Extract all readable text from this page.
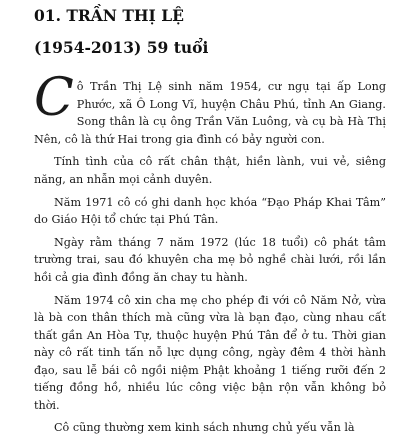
01. TRẦN THỊ LỆ
(1954-2013) 59 tuổi

Cô Trần Thị Lệ sinh năm 1954, cư ngụ tại ấp Long Phước, xã Ô Long Vĩ, huyện Châu Phú, tỉnh An Giang. Song thân là cụ ông Trần Văn Luông, và cụ bà Hà Thị Nên, cô là thứ Hai trong gia đình có bảy người con.

Tính tình của cô rất chân thật, hiền lành, vui vẻ, siêng năng, an nhẫn mọi cảnh duyên.

Năm 1971 cô có ghi danh học khóa “Đạo Pháp Khai Tâm” do Giáo Hội tổ chức tại Phú Tân.

Ngày rằm tháng 7 năm 1972 (lúc 18 tuổi) cô phát tâm trường trai, sau đó khuyên cha mẹ bỏ nghề chài lưới, rồi lần hồi cả gia đình đồng ăn chay tu hành.

Năm 1974 cô xin cha mẹ cho phép đi với cô Năm Nở, vừa là bà con thân thích mà cũng vừa là bạn đạo, cùng nhau cất thất gần An Hòa Tự, thuộc huyện Phú Tân để ở tu. Thời gian này cô rất tinh tấn nỗ lực dụng công, ngày đêm 4 thời hành đạo, sau lễ bái cô ngồi niệm Phật khoảng 1 tiếng rưỡi đến 2 tiếng đồng hồ, nhiều lúc công việc bận rộn vẫn không bỏ thời.

Cô cũng thường xem kinh sách nhưng chủ yếu vẫn là
